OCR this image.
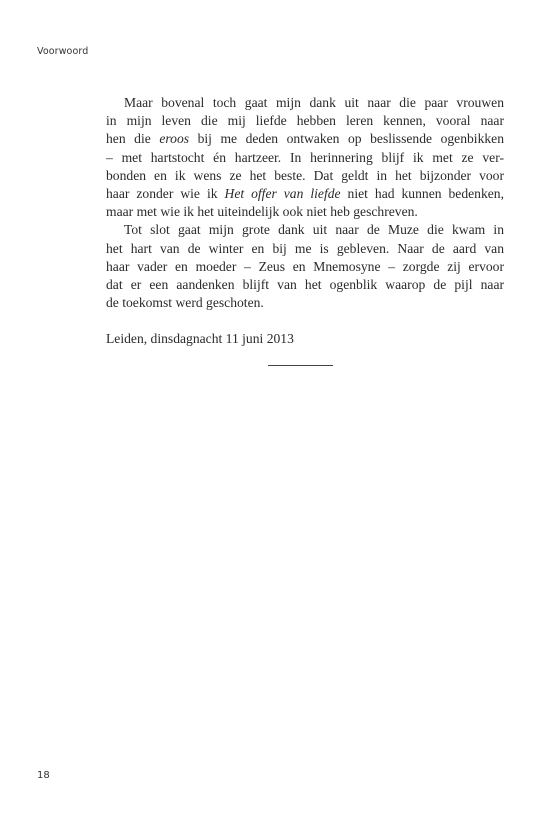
Voorwoord
Maar bovenal toch gaat mijn dank uit naar die paar vrouwen
in mijn leven die mij liefde hebben leren kennen, vooral naar
hen die eroos bij me deden ontwaken op beslissende ogenbikken
– met hartstocht én hartzeer. In herinnering blijf ik met ze ver-
bonden en ik wens ze het beste. Dat geldt in het bijzonder voor
haar zonder wie ik Het offer van liefde niet had kunnen bedenken,
maar met wie ik het uiteindelijk ook niet heb geschreven.
Tot slot gaat mijn grote dank uit naar de Muze die kwam in
het hart van de winter en bij me is gebleven. Naar de aard van
haar vader en moeder – Zeus en Mnemosyne – zorgde zij ervoor
dat er een aandenken blijft van het ogenblik waarop de pijl naar
de toekomst werd geschoten.
Leiden, dinsdagnacht 11 juni 2013
18
